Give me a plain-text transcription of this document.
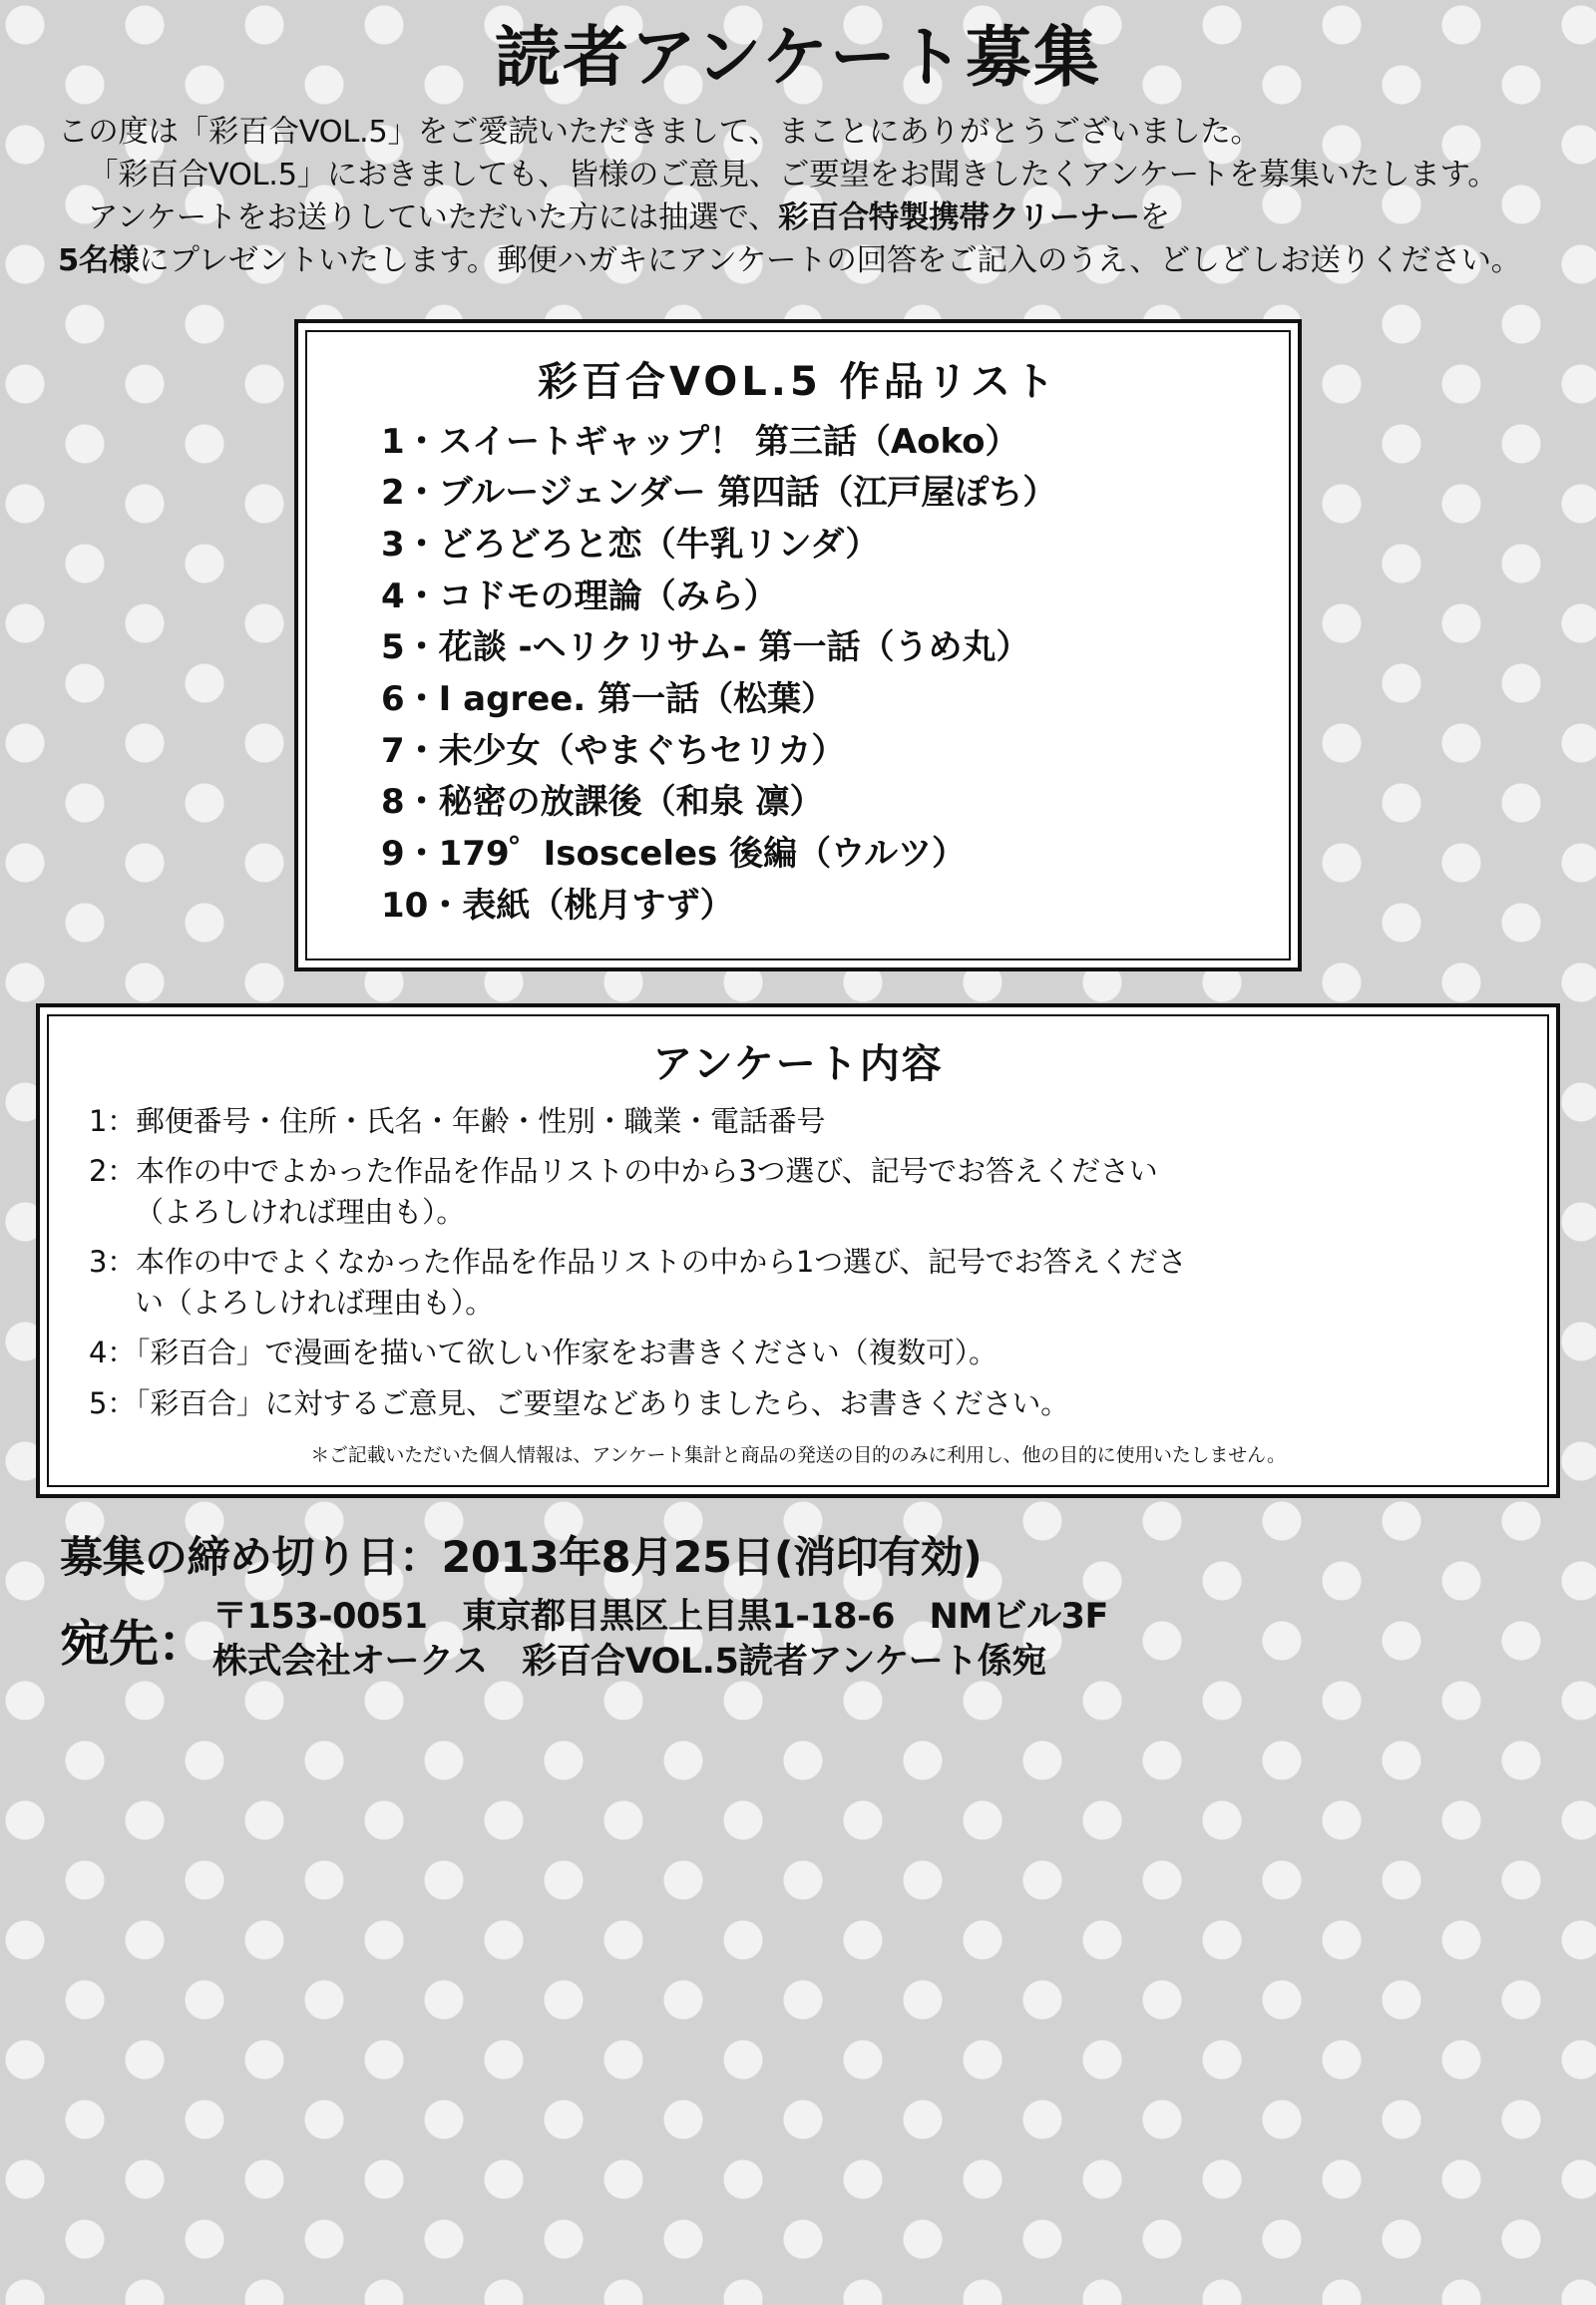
読者アンケート募集

この度は「彩百合VOL.5」をご愛読いただきまして、まことにありがとうございました。

「彩百合VOL.5」におきましても、皆様のご意見、ご要望をお聞きしたくアンケートを募集いたします。

アンケートをお送りしていただいた方には抽選で、彩百合特製携帯クリーナーを

5名様にプレゼントいたします。郵便ハガキにアンケートの回答をご記入のうえ、どしどしお送りください。

彩百合VOL.5 作品リスト
1・スイートギャップ！ 第三話（Aoko）
2・ブルージェンダー 第四話（江戸屋ぽち）
3・どろどろと恋（牛乳リンダ）
4・コドモの理論（みら）
5・花談 -ヘリクリサム- 第一話（うめ丸）
6・I agree. 第一話（松葉）
7・未少女（やまぐちセリカ）
8・秘密の放課後（和泉 凛）
9・179゜Isosceles 後編（ウルツ）
10・表紙（桃月すず）
アンケート内容
1：郵便番号・住所・氏名・年齢・性別・職業・電話番号
2：本作の中でよかった作品を作品リストの中から3つ選び、記号でお答えください
（よろしければ理由も）。
3：本作の中でよくなかった作品を作品リストの中から1つ選び、記号でお答えくださ
い（よろしければ理由も）。
4：「彩百合」で漫画を描いて欲しい作家をお書きください（複数可）。
5：「彩百合」に対するご意見、ご要望などありましたら、お書きください。
＊ご記載いただいた個人情報は、アンケート集計と商品の発送の目的のみに利用し、他の目的に使用いたしません。
募集の締め切り日：2013年8月25日(消印有効)
宛先： 〒153-0051　東京都目黒区上目黒1-18-6　NMビル3F
株式会社オークス　彩百合VOL.5読者アンケート係宛
